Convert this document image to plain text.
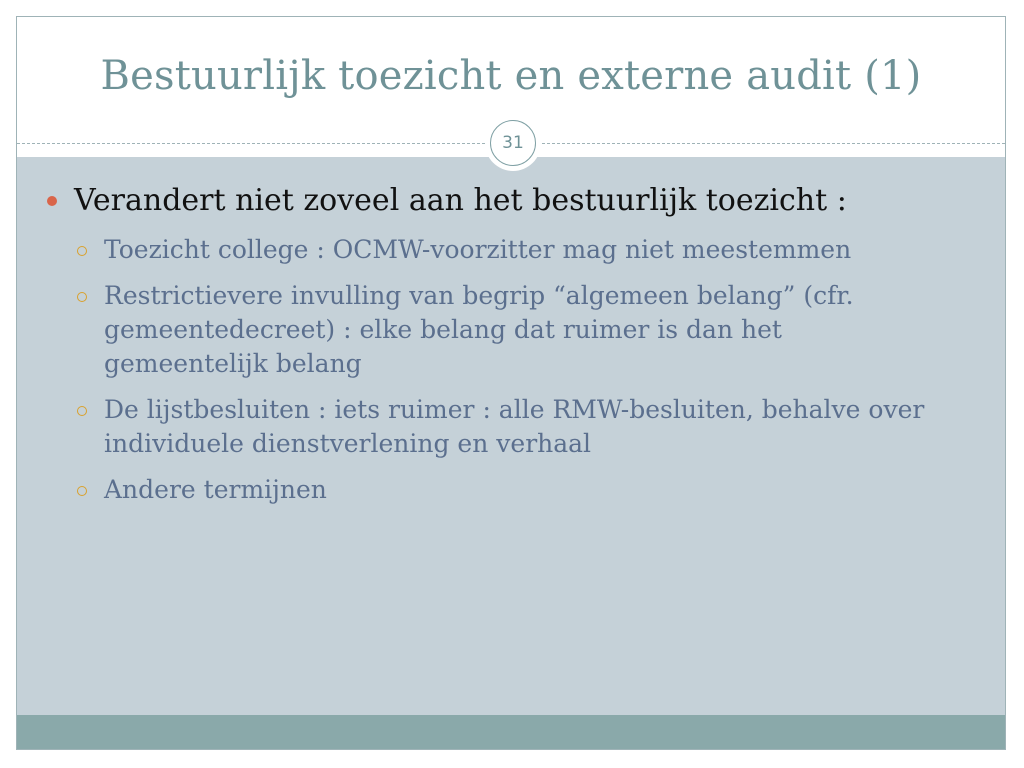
Bestuurlijk toezicht en externe audit (1)
31
Verandert niet zoveel aan het bestuurlijk toezicht :
Toezicht college : OCMW-voorzitter mag niet meestemmen
Restrictievere invulling van begrip “algemeen belang” (cfr. gemeentedecreet) : elke belang dat ruimer is dan het gemeentelijk belang
De lijstbesluiten : iets ruimer : alle RMW-besluiten, behalve over individuele dienstverlening en verhaal
Andere termijnen
